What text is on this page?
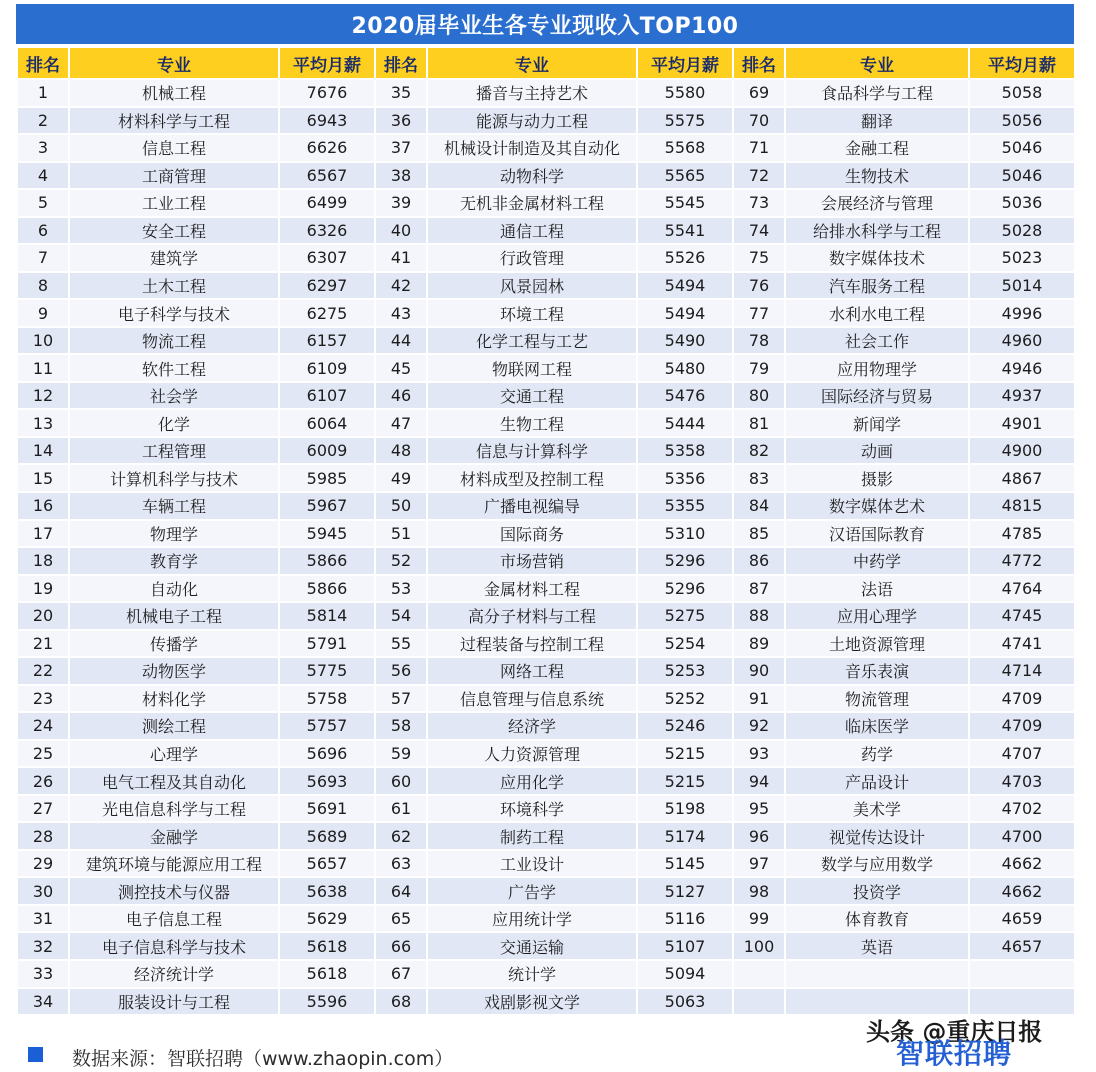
2020届毕业生各专业现收入TOP100
排名	专业	平均月薪	排名	专业	平均月薪	排名	专业	平均月薪
1	机械工程	7676	35	播音与主持艺术	5580	69	食品科学与工程	5058
2	材料科学与工程	6943	36	能源与动力工程	5575	70	翻译	5056
3	信息工程	6626	37	机械设计制造及其自动化	5568	71	金融工程	5046
4	工商管理	6567	38	动物科学	5565	72	生物技术	5046
5	工业工程	6499	39	无机非金属材料工程	5545	73	会展经济与管理	5036
6	安全工程	6326	40	通信工程	5541	74	给排水科学与工程	5028
7	建筑学	6307	41	行政管理	5526	75	数字媒体技术	5023
8	土木工程	6297	42	风景园林	5494	76	汽车服务工程	5014
9	电子科学与技术	6275	43	环境工程	5494	77	水利水电工程	4996
10	物流工程	6157	44	化学工程与工艺	5490	78	社会工作	4960
11	软件工程	6109	45	物联网工程	5480	79	应用物理学	4946
12	社会学	6107	46	交通工程	5476	80	国际经济与贸易	4937
13	化学	6064	47	生物工程	5444	81	新闻学	4901
14	工程管理	6009	48	信息与计算科学	5358	82	动画	4900
15	计算机科学与技术	5985	49	材料成型及控制工程	5356	83	摄影	4867
16	车辆工程	5967	50	广播电视编导	5355	84	数字媒体艺术	4815
17	物理学	5945	51	国际商务	5310	85	汉语国际教育	4785
18	教育学	5866	52	市场营销	5296	86	中药学	4772
19	自动化	5866	53	金属材料工程	5296	87	法语	4764
20	机械电子工程	5814	54	高分子材料与工程	5275	88	应用心理学	4745
21	传播学	5791	55	过程装备与控制工程	5254	89	土地资源管理	4741
22	动物医学	5775	56	网络工程	5253	90	音乐表演	4714
23	材料化学	5758	57	信息管理与信息系统	5252	91	物流管理	4709
24	测绘工程	5757	58	经济学	5246	92	临床医学	4709
25	心理学	5696	59	人力资源管理	5215	93	药学	4707
26	电气工程及其自动化	5693	60	应用化学	5215	94	产品设计	4703
27	光电信息科学与工程	5691	61	环境科学	5198	95	美术学	4702
28	金融学	5689	62	制药工程	5174	96	视觉传达设计	4700
29	建筑环境与能源应用工程	5657	63	工业设计	5145	97	数学与应用数学	4662
30	测控技术与仪器	5638	64	广告学	5127	98	投资学	4662
31	电子信息工程	5629	65	应用统计学	5116	99	体育教育	4659
32	电子信息科学与技术	5618	66	交通运输	5107	100	英语	4657
33	经济统计学	5618	67	统计学	5094			
34	服装设计与工程	5596	68	戏剧影视文学	5063			
数据来源：智联招聘（www.zhaopin.com）
头条 @重庆日报
智联招聘
